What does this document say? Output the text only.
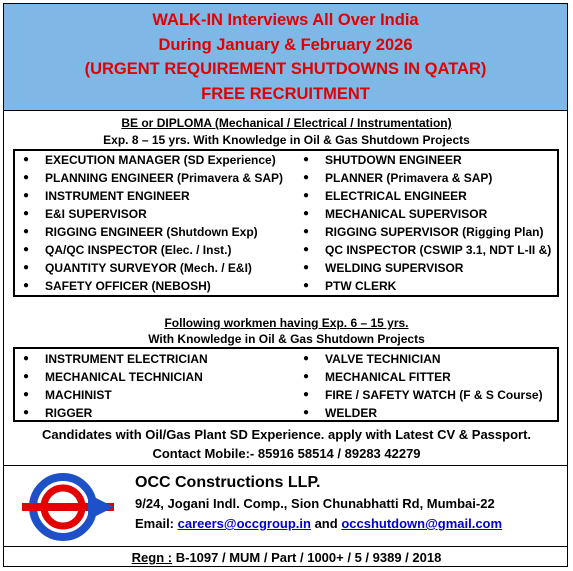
WALK-IN Interviews All Over India
During January & February 2026
(URGENT REQUIREMENT SHUTDOWNS IN QATAR)
FREE RECRUITMENT
BE or DIPLOMA (Mechanical / Electrical / Instrumentation)
Exp. 8 – 15 yrs. With Knowledge in Oil & Gas Shutdown Projects
● EXECUTION MANAGER (SD Experience)
● PLANNING ENGINEER (Primavera & SAP)
● INSTRUMENT ENGINEER
● E&I SUPERVISOR
● RIGGING ENGINEER (Shutdown Exp)
● QA/QC INSPECTOR (Elec. / Inst.)
● QUANTITY SURVEYOR (Mech. / E&I)
● SAFETY OFFICER (NEBOSH)
● SHUTDOWN ENGINEER
● PLANNER (Primavera & SAP)
● ELECTRICAL ENGINEER
● MECHANICAL SUPERVISOR
● RIGGING SUPERVISOR (Rigging Plan)
● QC INSPECTOR (CSWIP 3.1, NDT L-II &)
● WELDING SUPERVISOR
● PTW CLERK
Following workmen having Exp. 6 – 15 yrs.
With Knowledge in Oil & Gas Shutdown Projects
● INSTRUMENT ELECTRICIAN
● MECHANICAL TECHNICIAN
● MACHINIST
● RIGGER
● VALVE TECHNICIAN
● MECHANICAL FITTER
● FIRE / SAFETY WATCH (F & S Course)
● WELDER
Candidates with Oil/Gas Plant SD Experience. apply with Latest CV & Passport.
Contact Mobile:- 85916 58514 / 89283 42279
OCC Constructions LLP.
9/24, Jogani Indl. Comp., Sion Chunabhatti Rd, Mumbai-22
Email: careers@occgroup.in and occshutdown@gmail.com
Regn : B-1097 / MUM / Part / 1000+ / 5 / 9389 / 2018
